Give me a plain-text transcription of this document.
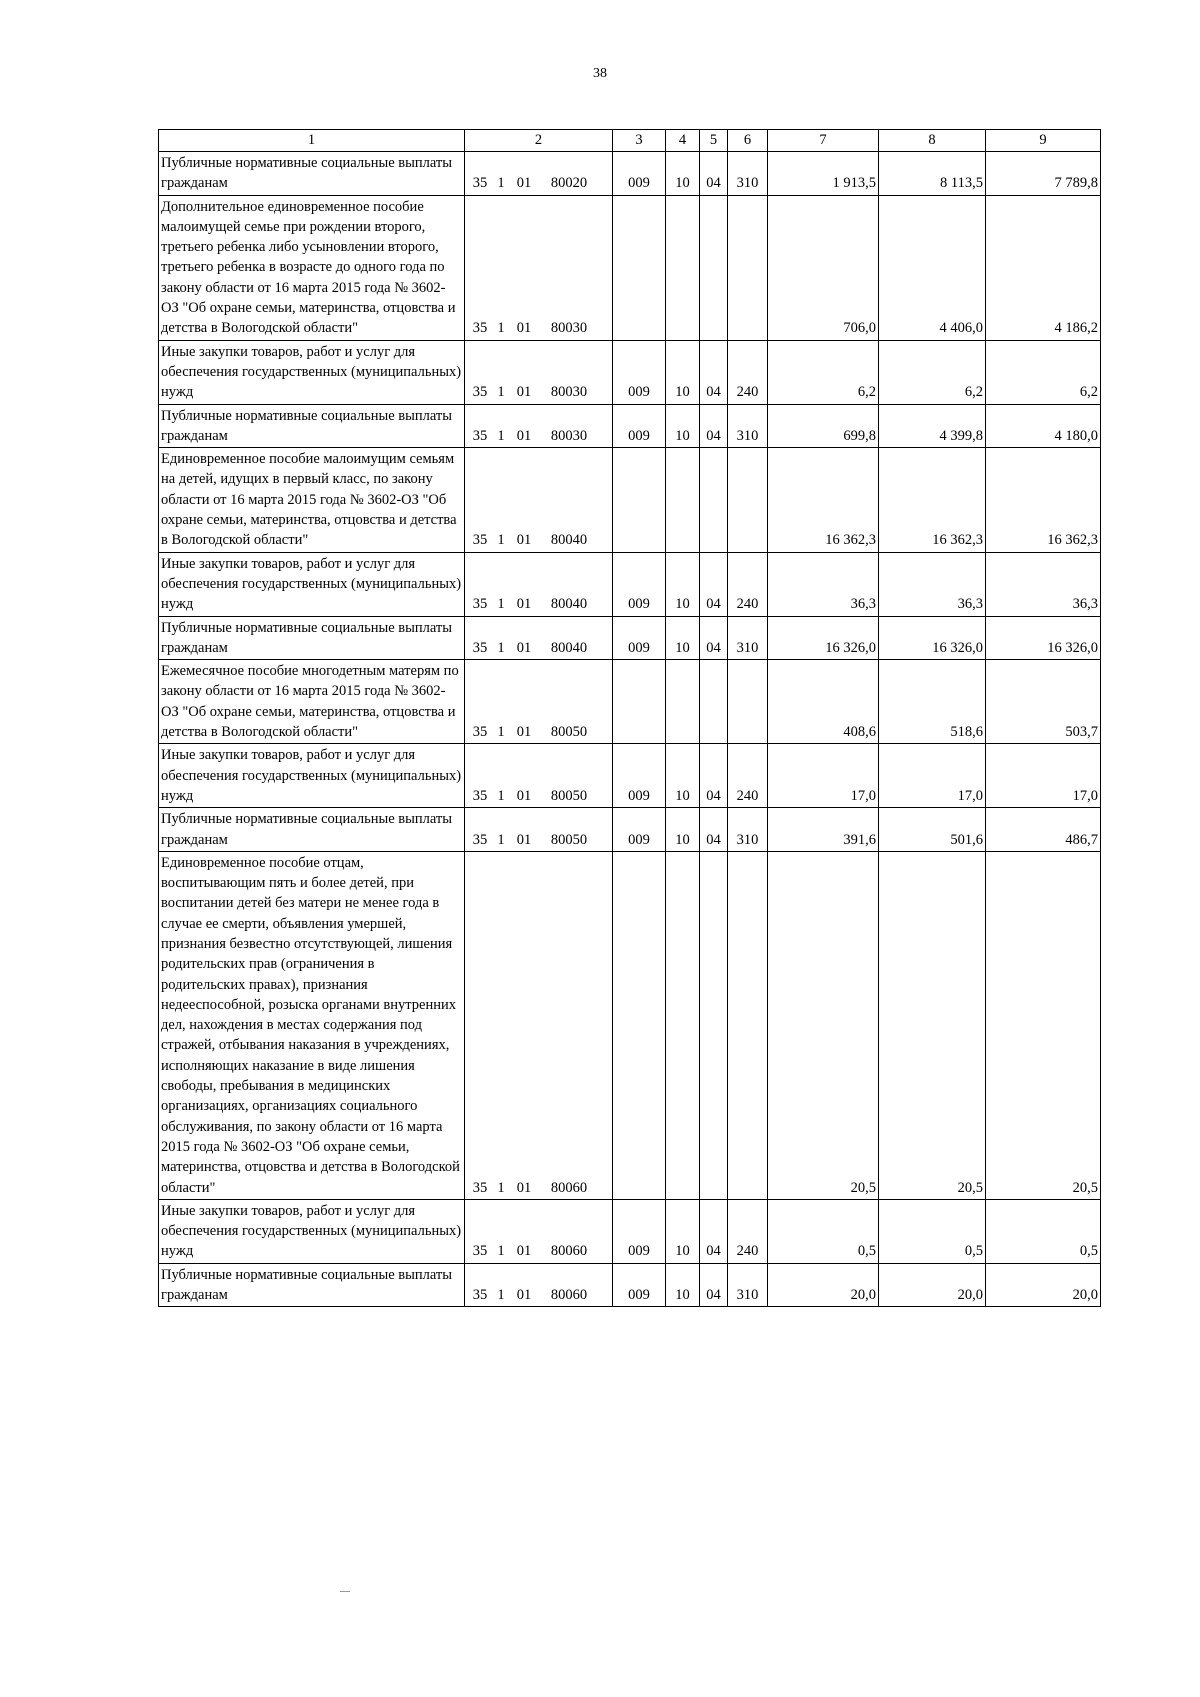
38
1	2	3	4	5	6	7	8	9
Публичные нормативные социальные выплаты гражданам	35 1 01 80020	009	10	04	310	1 913,5	8 113,5	7 789,8
Дополнительное единовременное пособие малоимущей семье при рождении второго, третьего ребенка либо усыновлении второго, третьего ребенка в возрасте до одного года по закону области от 16 марта 2015 года № 3602-ОЗ "Об охране семьи, материнства, отцовства и детства в Вологодской области"	35 1 01 80030					706,0	4 406,0	4 186,2
Иные закупки товаров, работ и услуг для обеспечения государственных (муниципальных) нужд	35 1 01 80030	009	10	04	240	6,2	6,2	6,2
Публичные нормативные социальные выплаты гражданам	35 1 01 80030	009	10	04	310	699,8	4 399,8	4 180,0
Единовременное пособие малоимущим семьям на детей, идущих в первый класс, по закону области от 16 марта 2015 года № 3602-ОЗ "Об охране семьи, материнства, отцовства и детства в Вологодской области"	35 1 01 80040					16 362,3	16 362,3	16 362,3
Иные закупки товаров, работ и услуг для обеспечения государственных (муниципальных) нужд	35 1 01 80040	009	10	04	240	36,3	36,3	36,3
Публичные нормативные социальные выплаты гражданам	35 1 01 80040	009	10	04	310	16 326,0	16 326,0	16 326,0
Ежемесячное пособие многодетным матерям по закону области от 16 марта 2015 года № 3602-ОЗ "Об охране семьи, материнства, отцовства и детства в Вологодской области"	35 1 01 80050					408,6	518,6	503,7
Иные закупки товаров, работ и услуг для обеспечения государственных (муниципальных) нужд	35 1 01 80050	009	10	04	240	17,0	17,0	17,0
Публичные нормативные социальные выплаты гражданам	35 1 01 80050	009	10	04	310	391,6	501,6	486,7
Единовременное пособие отцам, воспитывающим пять и более детей, при воспитании детей без матери не менее года в случае ее смерти, объявления умершей, признания безвестно отсутствующей, лишения родительских прав (ограничения в родительских правах), признания недееспособной, розыска органами внутренних дел, нахождения в местах содержания под стражей, отбывания наказания в учреждениях, исполняющих наказание в виде лишения свободы, пребывания в медицинских организациях, организациях социального обслуживания, по закону области от 16 марта 2015 года № 3602-ОЗ "Об охране семьи, материнства, отцовства и детства в Вологодской области"	35 1 01 80060					20,5	20,5	20,5
Иные закупки товаров, работ и услуг для обеспечения государственных (муниципальных) нужд	35 1 01 80060	009	10	04	240	0,5	0,5	0,5
Публичные нормативные социальные выплаты гражданам	35 1 01 80060	009	10	04	310	20,0	20,0	20,0
